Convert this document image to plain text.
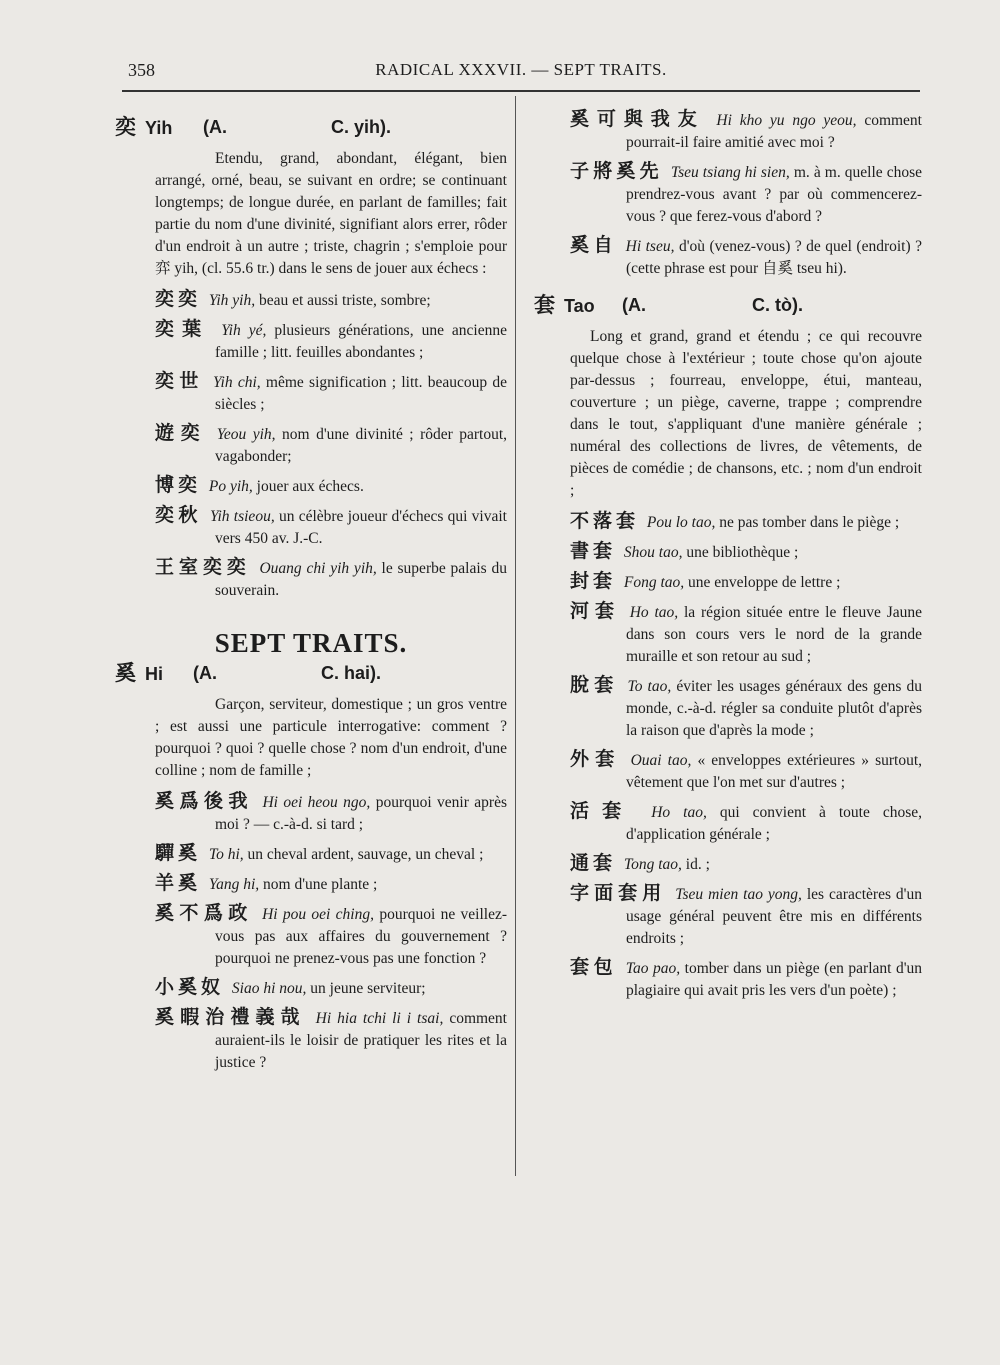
358	RADICAL XXXVII. — SEPT TRAITS.
奕 Yih (A.	C. yih).
Etendu, grand, abondant, élégant, bien arrangé, orné, beau, se suivant en ordre; se continuant longtemps; de longue durée, en parlant de familles; fait partie du nom d'une divinité, signifiant alors errer, rôder d'un endroit à un autre ; triste, chagrin ; s'emploie pour 弈 yih, (cl. 55.6 tr.) dans le sens de jouer aux échecs :
奕奕 Yih yih, beau et aussi triste, sombre;
奕葉 Yih yé, plusieurs générations, une ancienne famille ; litt. feuilles abondantes ;
奕世 Yih chi, même signification ; litt. beaucoup de siècles ;
遊奕 Yeou yih, nom d'une divinité ; rôder partout, vagabonder;
博奕 Po yih, jouer aux échecs.
奕秋 Yih tsieou, un célèbre joueur d'échecs qui vivait vers 450 av. J.-C.
王室奕奕 Ouang chi yih yih, le superbe palais du souverain.
SEPT TRAITS.
奚 Hi (A.	C. hai).
Garçon, serviteur, domestique ; un gros ventre ; est aussi une particule interrogative: comment ? pourquoi ? quoi ? quelle chose ? nom d'un endroit, d'une colline ; nom de famille ;
奚爲後我 Hi oei heou ngo, pourquoi venir après moi ? — c.-à-d. si tard ;
驒奚 To hi, un cheval ardent, sauvage, un cheval ;
羊奚 Yang hi, nom d'une plante ;
奚不爲政 Hi pou oei ching, pourquoi ne veillez-vous pas aux affaires du gouvernement ? pourquoi ne prenez-vous pas une fonction ?
小奚奴 Siao hi nou, un jeune serviteur;
奚暇治禮義哉 Hi hia tchi li i tsai, comment auraient-ils le loisir de pratiquer les rites et la justice ?
奚可與我友 Hi kho yu ngo yeou, comment pourrait-il faire amitié avec moi ?
子將奚先 Tseu tsiang hi sien, m. à m. quelle chose prendrez-vous avant ? par où commencerez-vous ? que ferez-vous d'abord ?
奚自 Hi tseu, d'où (venez-vous) ? de quel (endroit) ? (cette phrase est pour 自奚 tseu hi).
套 Tao (A.	C. tò).
Long et grand, grand et étendu ; ce qui recouvre quelque chose à l'extérieur ; toute chose qu'on ajoute par-dessus ; fourreau, enveloppe, étui, manteau, couverture ; un piège, caverne, trappe ; comprendre dans le tout, s'appliquant d'une manière générale ; numéral des collections de livres, de vêtements, de pièces de comédie ; de chansons, etc. ; nom d'un endroit ;
不落套 Pou lo tao, ne pas tomber dans le piège ;
書套 Shou tao, une bibliothèque ;
封套 Fong tao, une enveloppe de lettre ;
河套 Ho tao, la région située entre le fleuve Jaune dans son cours vers le nord de la grande muraille et son retour au sud ;
脫套 To tao, éviter les usages généraux des gens du monde, c.-à-d. régler sa conduite plutôt d'après la raison que d'après la mode ;
外套 Ouai tao, « enveloppes extérieures » surtout, vêtement que l'on met sur d'autres ;
活套 Ho tao, qui convient à toute chose, d'application générale ;
通套 Tong tao, id. ;
字面套用 Tseu mien tao yong, les caractères d'un usage général peuvent être mis en différents endroits ;
套包 Tao pao, tomber dans un piège (en parlant d'un plagiaire qui avait pris les vers d'un poète) ;
